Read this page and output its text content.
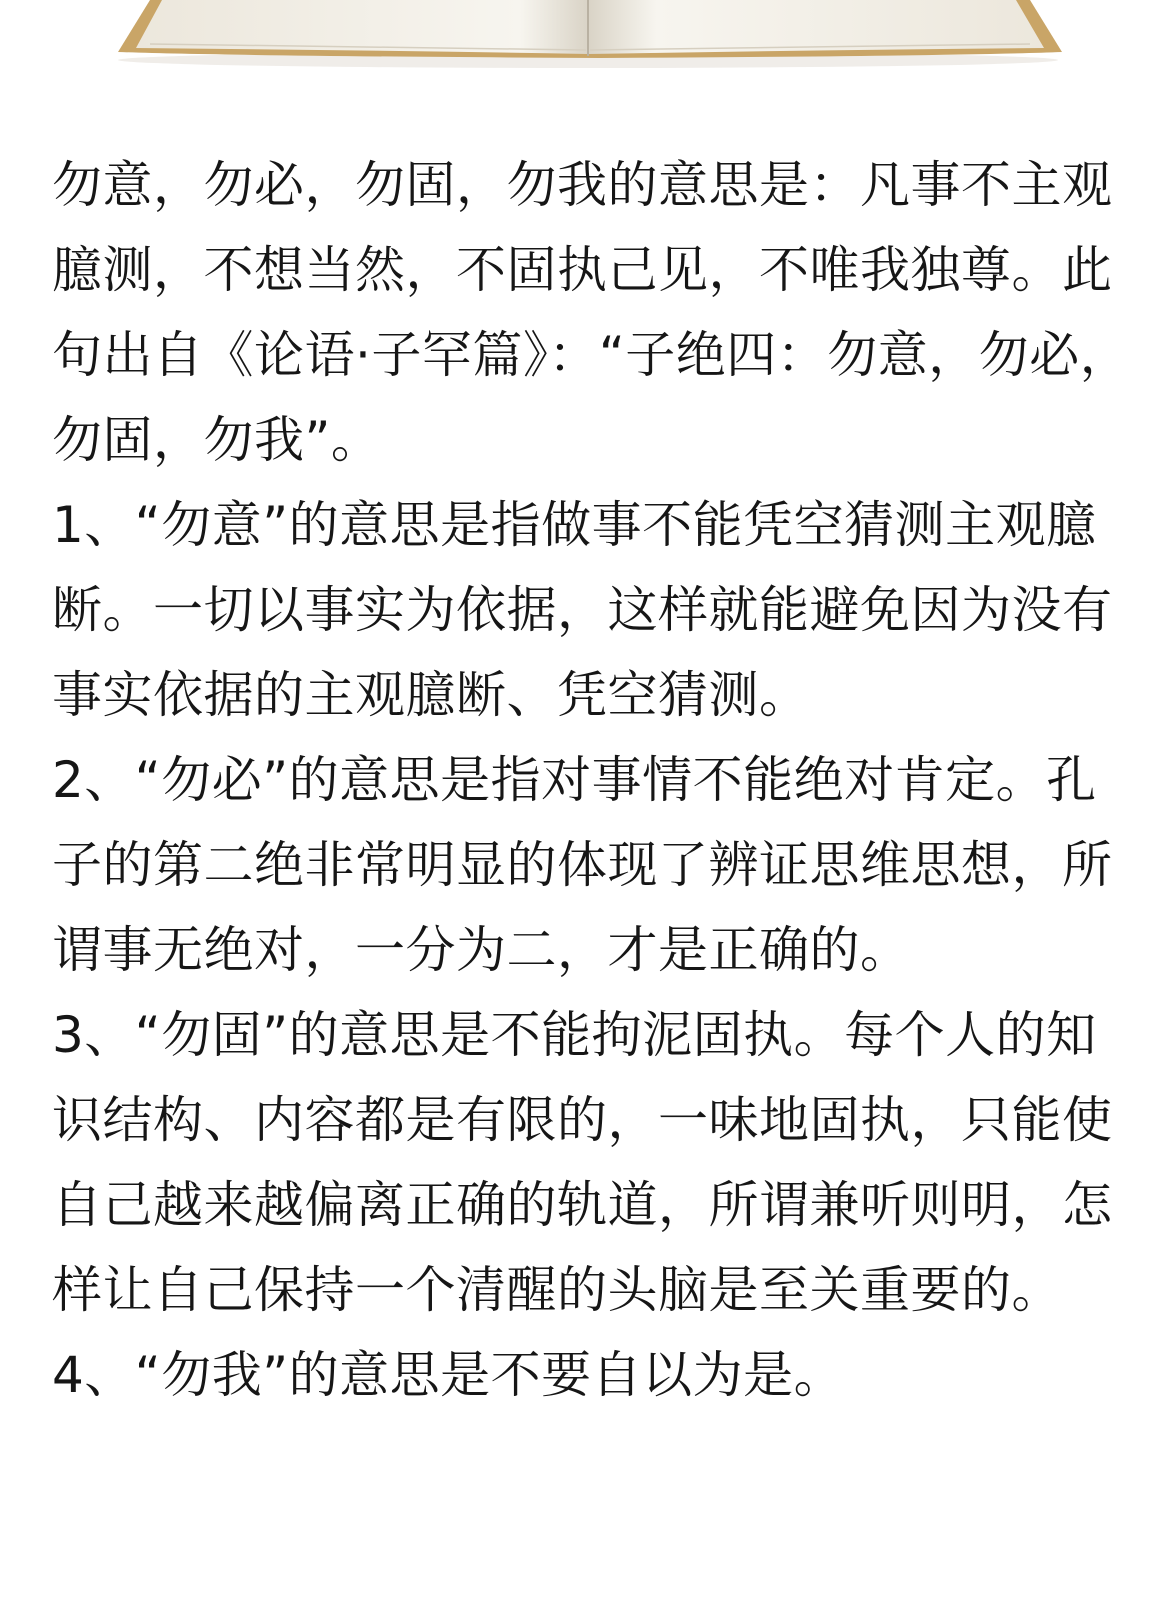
勿意，勿必，勿固，勿我的意思是：凡事不主观臆测，不想当然，不固执己见，不唯我独尊。此句出自《论语·子罕篇》：“子绝四：勿意，勿必，勿固，勿我”。

1、“勿意”的意思是指做事不能凭空猜测主观臆断。一切以事实为依据，这样就能避免因为没有事实依据的主观臆断、凭空猜测。

2、“勿必”的意思是指对事情不能绝对肯定。孔子的第二绝非常明显的体现了辨证思维思想，所谓事无绝对，一分为二，才是正确的。

3、“勿固”的意思是不能拘泥固执。每个人的知识结构、内容都是有限的，一味地固执，只能使自己越来越偏离正确的轨道，所谓兼听则明，怎样让自己保持一个清醒的头脑是至关重要的。

4、“勿我”的意思是不要自以为是。
